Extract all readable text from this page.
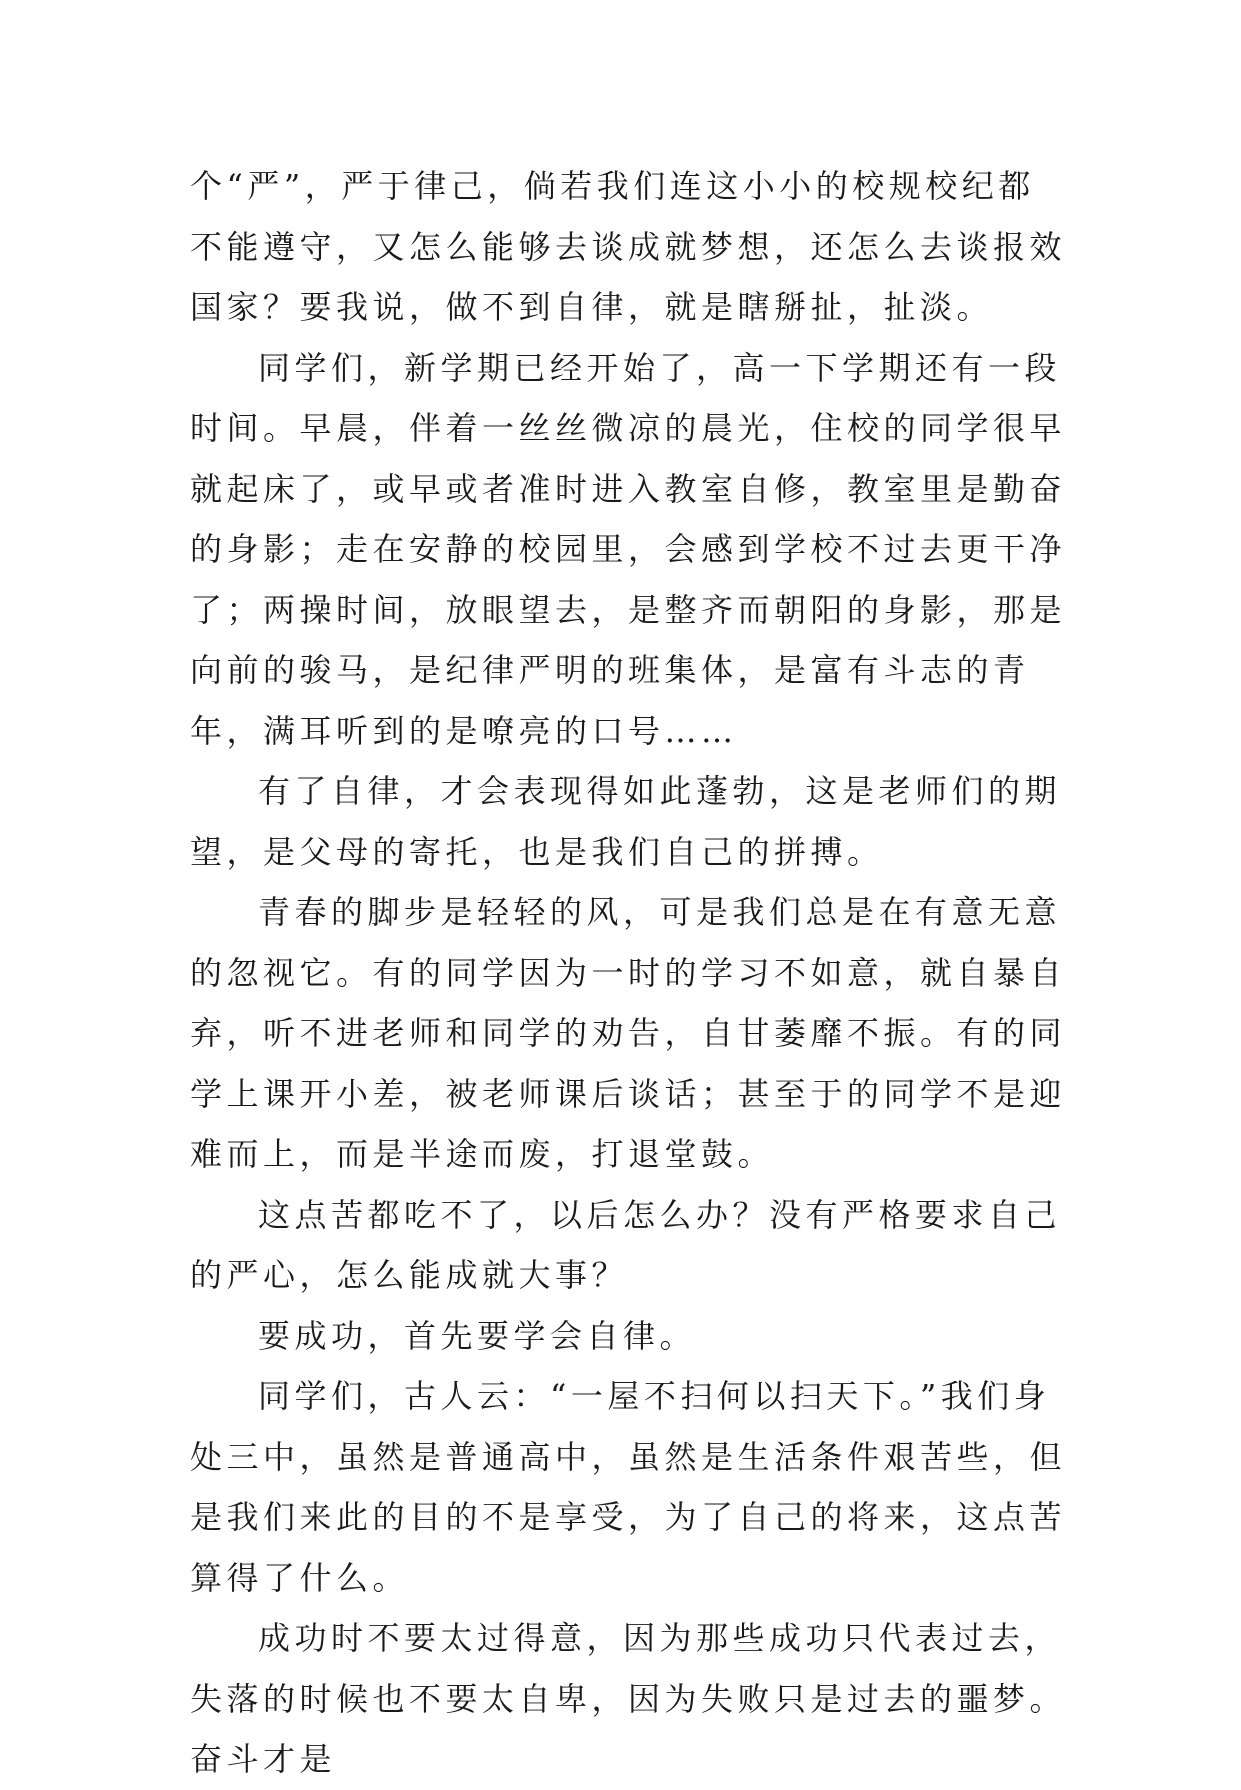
个“严”，严于律己，倘若我们连这小小的校规校纪都不能遵守，又怎么能够去谈成就梦想，还怎么去谈报效国家？要我说，做不到自律，就是瞎掰扯，扯淡。

同学们，新学期已经开始了，高一下学期还有一段时间。早晨，伴着一丝丝微凉的晨光，住校的同学很早就起床了，或早或者准时进入教室自修，教室里是勤奋的身影；走在安静的校园里，会感到学校不过去更干净了；两操时间，放眼望去，是整齐而朝阳的身影，那是向前的骏马，是纪律严明的班集体，是富有斗志的青年，满耳听到的是嘹亮的口号……

有了自律，才会表现得如此蓬勃，这是老师们的期望，是父母的寄托，也是我们自己的拼搏。

青春的脚步是轻轻的风，可是我们总是在有意无意的忽视它。有的同学因为一时的学习不如意，就自暴自弃，听不进老师和同学的劝告，自甘萎靡不振。有的同学上课开小差，被老师课后谈话；甚至于的同学不是迎难而上，而是半途而废，打退堂鼓。

这点苦都吃不了，以后怎么办？没有严格要求自己的严心，怎么能成就大事？

要成功，首先要学会自律。

同学们，古人云：“一屋不扫何以扫天下。”我们身处三中，虽然是普通高中，虽然是生活条件艰苦些，但是我们来此的目的不是享受，为了自己的将来，这点苦算得了什么。

成功时不要太过得意，因为那些成功只代表过去，失落的时候也不要太自卑，因为失败只是过去的噩梦。奋斗才是
